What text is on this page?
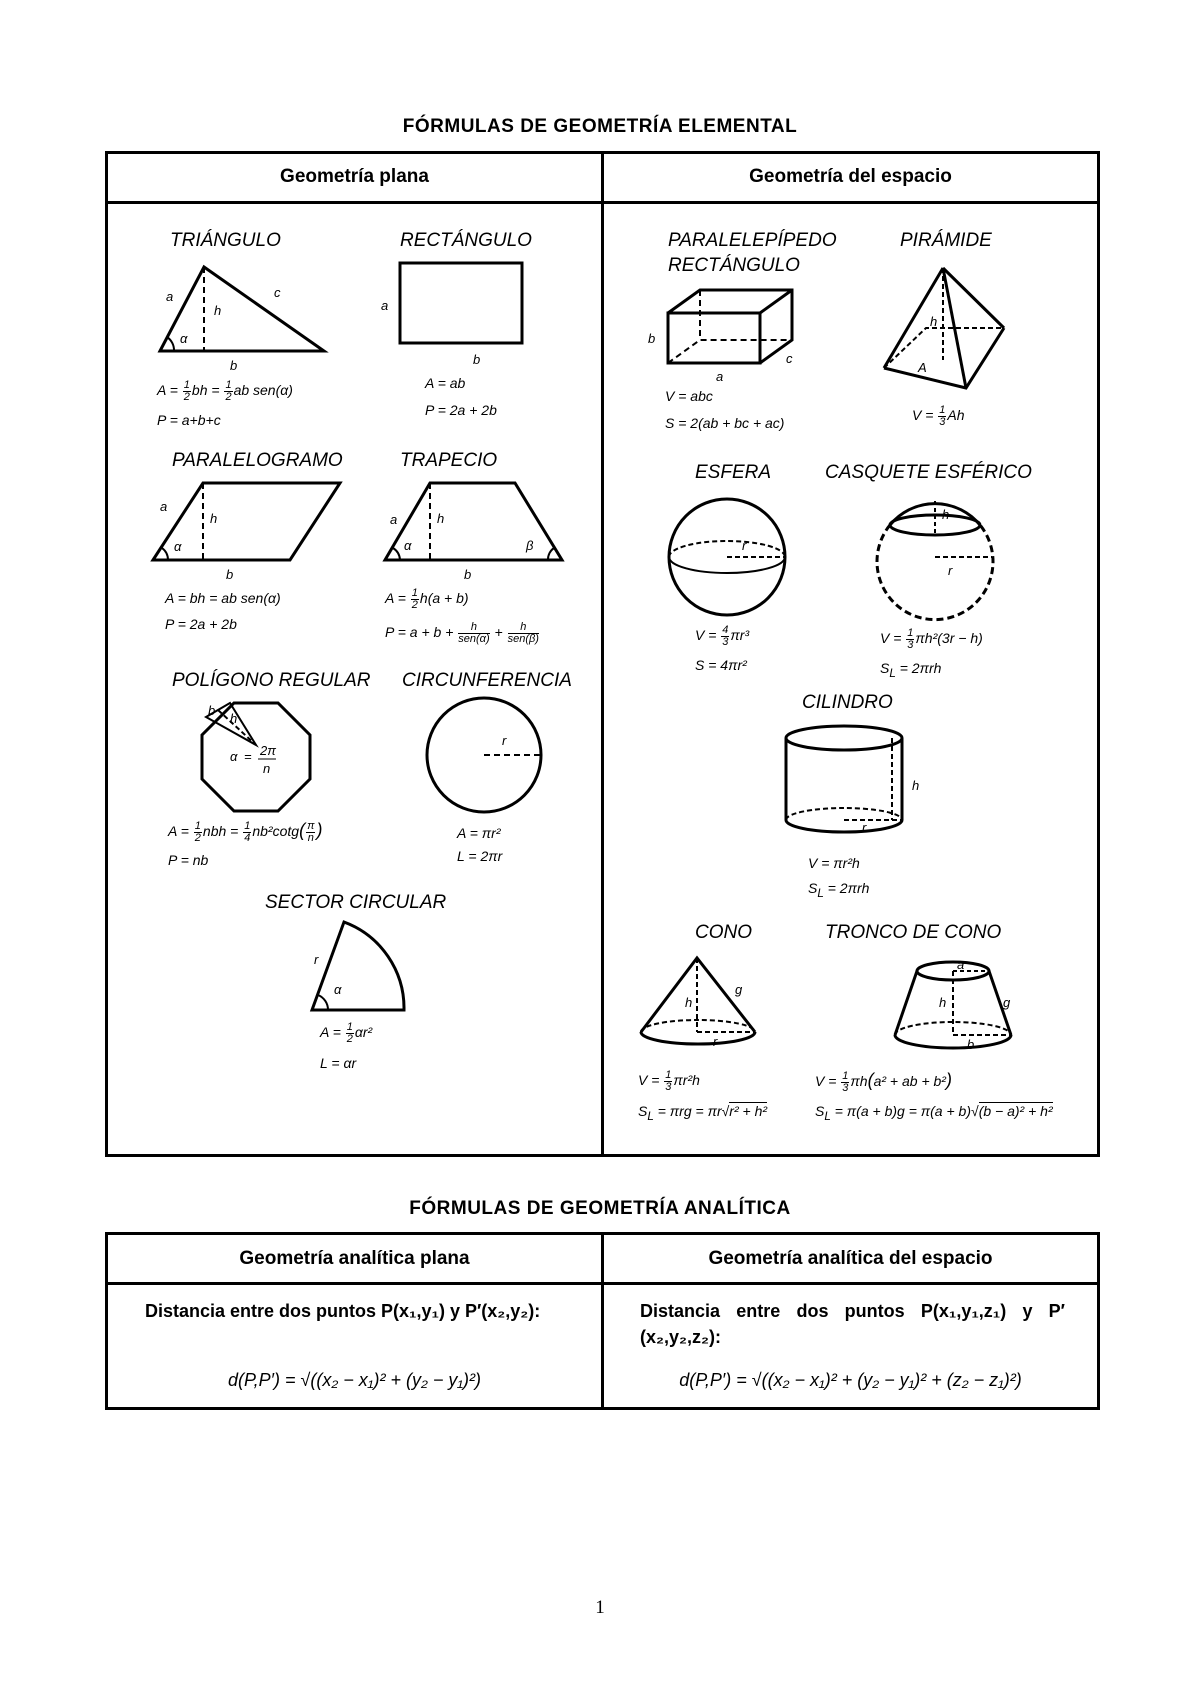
FÓRMULAS DE GEOMETRÍA ELEMENTAL
Geometría plana	Geometría del espacio
TRIÁNGULO
a	c
h
α
b
$A = \frac{1}{2}$ bh = $\frac{1}{2}$ ab sen(α)
P = a+b+c
RECTÁNGULO
a
b
A = ab
P = 2a + 2b
PARALELOGRAMO
a
h
α
b
A = bh = ab sen(α)
P = 2a + 2b
TRAPECIO
a	h
α	β
b
$A = \frac{1}{2} h(a + b)$
P = a + b +	h
sen(α) +	h
sen(β)
POLÍGONO REGULAR
b
h
α = 2π
n
$A = \frac{1}{2}$ nbh = $\frac{1}{4} nb^2\cot g( \frac{\pi}{n}$ )
P = nb
CIRCUNFERENCIA
r
A = πr²
L = 2πr
SECTOR CIRCULAR
r
α
$A = \frac{1}{2} \alpha r^2$
L = αr
PARALELEPÍPEDO
RECTÁNGULO
b
a
c
V = abc
S = 2(ab + bc + ac)
PIRÁMIDE
h
A
$V = \frac{1}{3}$ Ah
ESFERA
r
$V = \frac{4}{3} \pi r^3$
S = 4πr²
CASQUETE ESFÉRICO
h
r
$V = \frac{1}{3} \pi h^2(3r - h)$
$S_L = 2\pi rh$
CILINDRO
h
r
V = πr²h
$S_L = 2\pi rh$
CONO
h
g
r
$V = \frac{1}{3} \pi r^2h$
$S_L = \pi rg = \pi r√r^2 + h^2$
TRONCO DE CONO
h	g
a
b
$V = \frac{1}{3} \pi h(a^2$ + ab + b²)
$S_L = \pi(a + b)g = \pi(a + b)√(b - a)^2 + h^2$
FÓRMULAS DE GEOMETRÍA ANALÍTICA
Geometría analítica plana	Geometría analítica del espacio
Distancia entre dos puntos P(x₁,y₁) y P′(x₂,y₂):
d(P,P′) = √((x₂ − x₁)² + (y₂ − y₁)²)
Distancia entre dos puntos P(x₁,y₁,z₁) y P′(x₂,y₂,z₂):
d(P,P′) = √((x₂ − x₁)² + (y₂ − y₁)² + (z₂ − z₁)²)
1
